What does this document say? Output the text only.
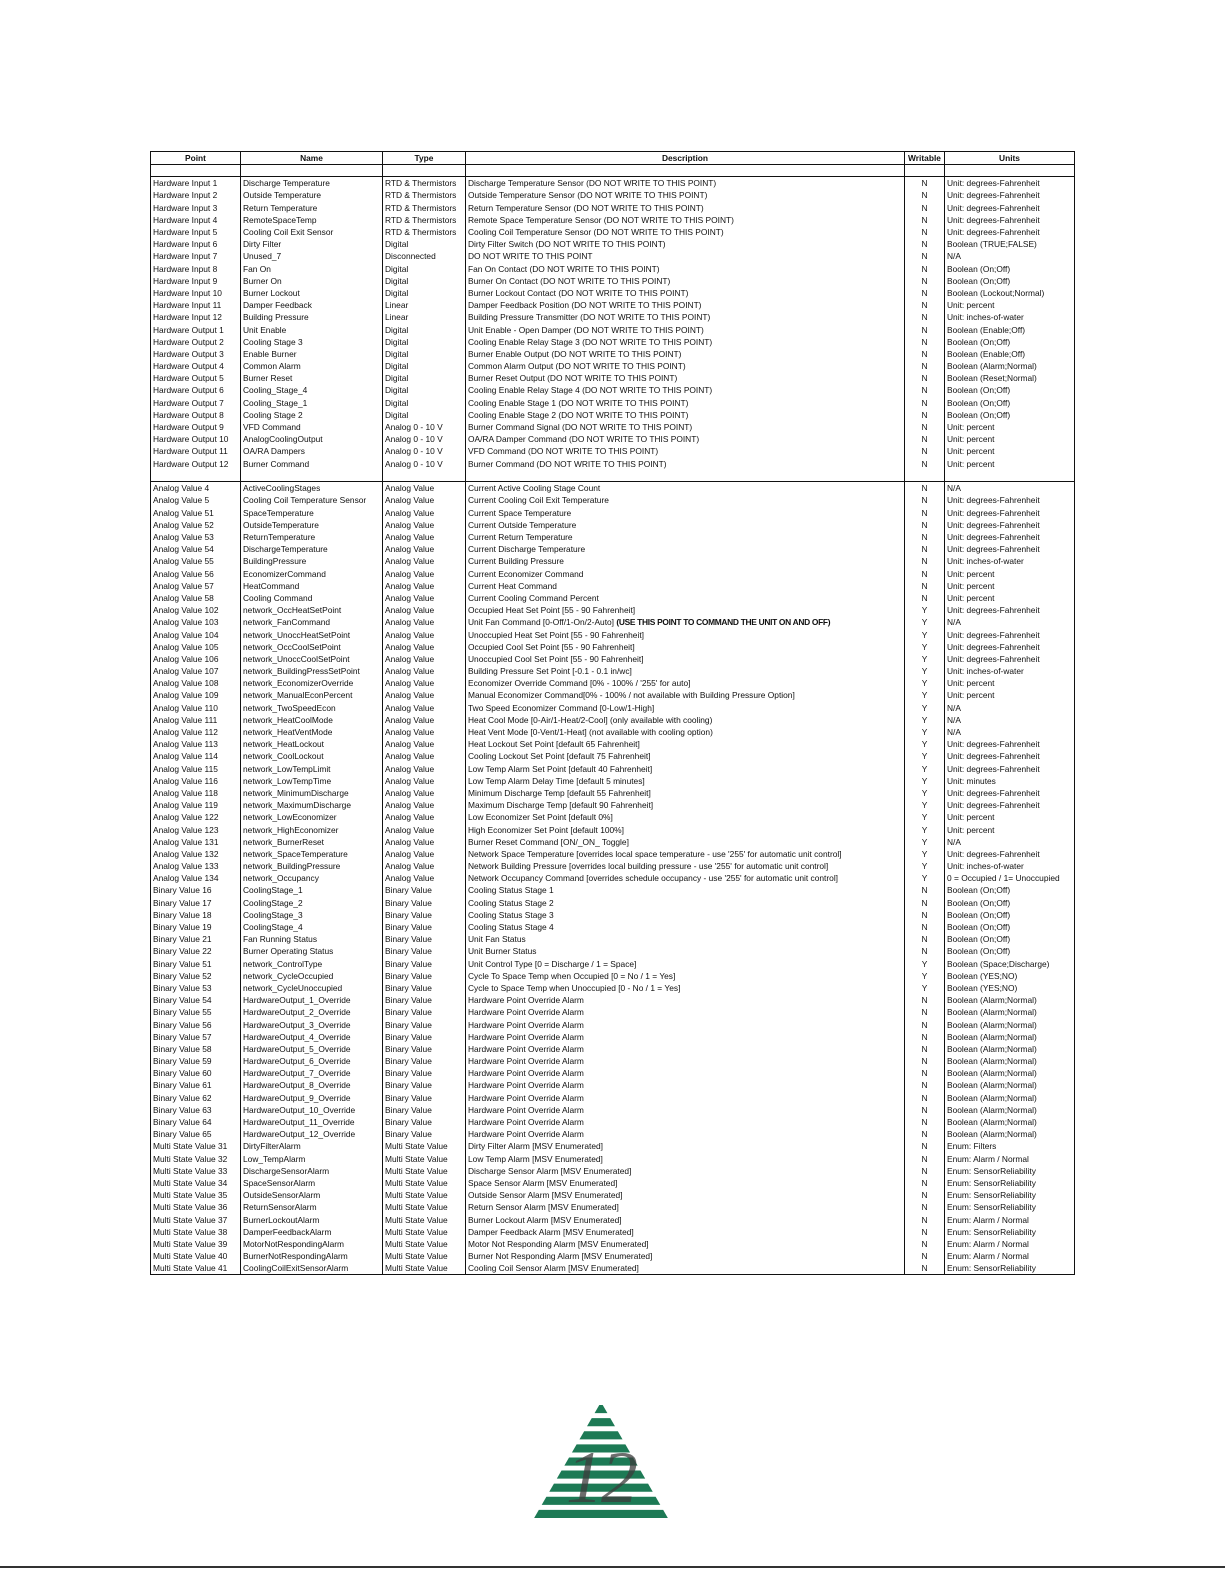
Point	Name	Type	Description	Writable	Units

Hardware Input 1	Discharge Temperature	RTD & Thermistors	Discharge Temperature Sensor (DO NOT WRITE TO THIS POINT)	N	Unit: degrees-Fahrenheit
Hardware Input 2	Outside Temperature	RTD & Thermistors	Outside Temperature Sensor (DO NOT WRITE TO THIS POINT)	N	Unit: degrees-Fahrenheit
Hardware Input 3	Return Temperature	RTD & Thermistors	Return Temperature Sensor (DO NOT WRITE TO THIS POINT)	N	Unit: degrees-Fahrenheit
Hardware Input 4	RemoteSpaceTemp	RTD & Thermistors	Remote Space Temperature Sensor (DO NOT WRITE TO THIS POINT)	N	Unit: degrees-Fahrenheit
Hardware Input 5	Cooling Coil Exit Sensor	RTD & Thermistors	Cooling Coil Temperature Sensor (DO NOT WRITE TO THIS POINT)	N	Unit: degrees-Fahrenheit
Hardware Input 6	Dirty Filter	Digital	Dirty Filter Switch (DO NOT WRITE TO THIS POINT)	N	Boolean (TRUE;FALSE)
Hardware Input 7	Unused_7	Disconnected	DO NOT WRITE TO THIS POINT	N	N/A
Hardware Input 8	Fan On	Digital	Fan On Contact (DO NOT WRITE TO THIS POINT)	N	Boolean (On;Off)
Hardware Input 9	Burner On	Digital	Burner On Contact (DO NOT WRITE TO THIS POINT)	N	Boolean (On;Off)
Hardware Input 10	Burner Lockout	Digital	Burner Lockout Contact (DO NOT WRITE TO THIS POINT)	N	Boolean (Lockout;Normal)
Hardware Input 11	Damper Feedback	Linear	Damper Feedback Position (DO NOT WRITE TO THIS POINT)	N	Unit: percent
Hardware Input 12	Building Pressure	Linear	Building Pressure Transmitter (DO NOT WRITE TO THIS POINT)	N	Unit: inches-of-water
Hardware Output 1	Unit Enable	Digital	Unit Enable - Open Damper (DO NOT WRITE TO THIS POINT)	N	Boolean (Enable;Off)
Hardware Output 2	Cooling Stage 3	Digital	Cooling Enable Relay Stage 3 (DO NOT WRITE TO THIS POINT)	N	Boolean (On;Off)
Hardware Output 3	Enable Burner	Digital	Burner Enable Output (DO NOT WRITE TO THIS POINT)	N	Boolean (Enable;Off)
Hardware Output 4	Common Alarm	Digital	Common Alarm Output (DO NOT WRITE TO THIS POINT)	N	Boolean (Alarm;Normal)
Hardware Output 5	Burner Reset	Digital	Burner Reset Output (DO NOT WRITE TO THIS POINT)	N	Boolean (Reset;Normal)
Hardware Output 6	Cooling_Stage_4	Digital	Cooling Enable Relay Stage 4 (DO NOT WRITE TO THIS POINT)	N	Boolean (On;Off)
Hardware Output 7	Cooling_Stage_1	Digital	Cooling Enable Stage 1 (DO NOT WRITE TO THIS POINT)	N	Boolean (On;Off)
Hardware Output 8	Cooling Stage 2	Digital	Cooling Enable Stage 2 (DO NOT WRITE TO THIS POINT)	N	Boolean (On;Off)
Hardware Output 9	VFD Command	Analog 0 - 10 V	Burner Command Signal (DO NOT WRITE TO THIS POINT)	N	Unit: percent
Hardware Output 10	AnalogCoolingOutput	Analog 0 - 10 V	OA/RA Damper Command (DO NOT WRITE TO THIS POINT)	N	Unit: percent
Hardware Output 11	OA/RA Dampers	Analog 0 - 10 V	VFD Command (DO NOT WRITE TO THIS POINT)	N	Unit: percent
Hardware Output 12	Burner Command	Analog 0 - 10 V	Burner Command (DO NOT WRITE TO THIS POINT)	N	Unit: percent

Analog Value 4	ActiveCoolingStages	Analog Value	Current Active Cooling Stage Count	N	N/A
Analog Value 5	Cooling Coil Temperature Sensor	Analog Value	Current Cooling Coil Exit Temperature	N	Unit: degrees-Fahrenheit
Analog Value 51	SpaceTemperature	Analog Value	Current Space Temperature	N	Unit: degrees-Fahrenheit
Analog Value 52	OutsideTemperature	Analog Value	Current Outside Temperature	N	Unit: degrees-Fahrenheit
Analog Value 53	ReturnTemperature	Analog Value	Current Return Temperature	N	Unit: degrees-Fahrenheit
Analog Value 54	DischargeTemperature	Analog Value	Current Discharge Temperature	N	Unit: degrees-Fahrenheit
Analog Value 55	BuildingPressure	Analog Value	Current Building Pressure	N	Unit: inches-of-water
Analog Value 56	EconomizerCommand	Analog Value	Current Economizer Command	N	Unit: percent
Analog Value 57	HeatCommand	Analog Value	Current Heat Command	N	Unit: percent
Analog Value 58	Cooling Command	Analog Value	Current Cooling Command Percent	N	Unit: percent
Analog Value 102	network_OccHeatSetPoint	Analog Value	Occupied Heat Set Point [55 - 90 Fahrenheit]	Y	Unit: degrees-Fahrenheit
Analog Value 103	network_FanCommand	Analog Value	Unit Fan Command [0-Off/1-On/2-Auto] (USE THIS POINT TO COMMAND THE UNIT ON AND OFF)	Y	N/A
Analog Value 104	network_UnoccHeatSetPoint	Analog Value	Unoccupied Heat Set Point [55 - 90 Fahrenheit]	Y	Unit: degrees-Fahrenheit
Analog Value 105	network_OccCoolSetPoint	Analog Value	Occupied Cool Set Point [55 - 90 Fahrenheit]	Y	Unit: degrees-Fahrenheit
Analog Value 106	network_UnoccCoolSetPoint	Analog Value	Unoccupied Cool Set Point [55 - 90 Fahrenheit]	Y	Unit: degrees-Fahrenheit
Analog Value 107	network_BuildingPressSetPoint	Analog Value	Building Pressure Set Point [-0.1 - 0.1 in/wc]	Y	Unit: inches-of-water
Analog Value 108	network_EconomizerOverride	Analog Value	Economizer Override Command [0% - 100% / '255' for auto]	Y	Unit: percent
Analog Value 109	network_ManualEconPercent	Analog Value	Manual Economizer Command[0% - 100% / not available with Building Pressure Option]	Y	Unit: percent
Analog Value 110	network_TwoSpeedEcon	Analog Value	Two Speed Economizer Command [0-Low/1-High]	Y	N/A
Analog Value 111	network_HeatCoolMode	Analog Value	Heat Cool Mode [0-Air/1-Heat/2-Cool] (only available with cooling)	Y	N/A
Analog Value 112	network_HeatVentMode	Analog Value	Heat Vent Mode [0-Vent/1-Heat] (not available with cooling option)	Y	N/A
Analog Value 113	network_HeatLockout	Analog Value	Heat Lockout Set Point [default 65 Fahrenheit]	Y	Unit: degrees-Fahrenheit
Analog Value 114	network_CoolLockout	Analog Value	Cooling Lockout Set Point [default 75 Fahrenheit]	Y	Unit: degrees-Fahrenheit
Analog Value 115	network_LowTempLimit	Analog Value	Low Temp Alarm Set Point [default 40 Fahrenheit]	Y	Unit: degrees-Fahrenheit
Analog Value 116	network_LowTempTime	Analog Value	Low Temp Alarm Delay Time [default 5 minutes]	Y	Unit: minutes
Analog Value 118	network_MinimumDischarge	Analog Value	Minimum Discharge Temp [default 55 Fahrenheit]	Y	Unit: degrees-Fahrenheit
Analog Value 119	network_MaximumDischarge	Analog Value	Maximum Discharge Temp [default 90 Fahrenheit]	Y	Unit: degrees-Fahrenheit
Analog Value 122	network_LowEconomizer	Analog Value	Low Economizer Set Point [default 0%]	Y	Unit: percent
Analog Value 123	network_HighEconomizer	Analog Value	High Economizer Set Point [default 100%]	Y	Unit: percent
Analog Value 131	network_BurnerReset	Analog Value	Burner Reset Command [ON/_ON_ Toggle]	Y	N/A
Analog Value 132	network_SpaceTemperature	Analog Value	Network Space Temperature [overrides local space temperature - use '255' for automatic unit control]	Y	Unit: degrees-Fahrenheit
Analog Value 133	network_BuildingPressure	Analog Value	Network Building Pressure [overrides local building pressure - use '255' for automatic unit control]	Y	Unit: inches-of-water
Analog Value 134	network_Occupancy	Analog Value	Network Occupancy Command [overrides schedule occupancy - use '255' for automatic unit control]	Y	0 = Occupied / 1= Unoccupied
Binary Value 16	CoolingStage_1	Binary Value	Cooling Status Stage 1	N	Boolean (On;Off)
Binary Value 17	CoolingStage_2	Binary Value	Cooling Status Stage 2	N	Boolean (On;Off)
Binary Value 18	CoolingStage_3	Binary Value	Cooling Status Stage 3	N	Boolean (On;Off)
Binary Value 19	CoolingStage_4	Binary Value	Cooling Status Stage 4	N	Boolean (On;Off)
Binary Value 21	Fan Running Status	Binary Value	Unit Fan Status	N	Boolean (On;Off)
Binary Value 22	Burner Operating Status	Binary Value	Unit Burner Status	N	Boolean (On;Off)
Binary Value 51	network_ControlType	Binary Value	Unit Control Type [0 = Discharge / 1 = Space]	Y	Boolean (Space;Discharge)
Binary Value 52	network_CycleOccupied	Binary Value	Cycle To Space Temp when Occupied [0 = No / 1 = Yes]	Y	Boolean (YES;NO)
Binary Value 53	network_CycleUnoccupied	Binary Value	Cycle to Space Temp when Unoccupied [0 - No / 1 = Yes]	Y	Boolean (YES;NO)
Binary Value 54	HardwareOutput_1_Override	Binary Value	Hardware Point Override Alarm	N	Boolean (Alarm;Normal)
Binary Value 55	HardwareOutput_2_Override	Binary Value	Hardware Point Override Alarm	N	Boolean (Alarm;Normal)
Binary Value 56	HardwareOutput_3_Override	Binary Value	Hardware Point Override Alarm	N	Boolean (Alarm;Normal)
Binary Value 57	HardwareOutput_4_Override	Binary Value	Hardware Point Override Alarm	N	Boolean (Alarm;Normal)
Binary Value 58	HardwareOutput_5_Override	Binary Value	Hardware Point Override Alarm	N	Boolean (Alarm;Normal)
Binary Value 59	HardwareOutput_6_Override	Binary Value	Hardware Point Override Alarm	N	Boolean (Alarm;Normal)
Binary Value 60	HardwareOutput_7_Override	Binary Value	Hardware Point Override Alarm	N	Boolean (Alarm;Normal)
Binary Value 61	HardwareOutput_8_Override	Binary Value	Hardware Point Override Alarm	N	Boolean (Alarm;Normal)
Binary Value 62	HardwareOutput_9_Override	Binary Value	Hardware Point Override Alarm	N	Boolean (Alarm;Normal)
Binary Value 63	HardwareOutput_10_Override	Binary Value	Hardware Point Override Alarm	N	Boolean (Alarm;Normal)
Binary Value 64	HardwareOutput_11_Override	Binary Value	Hardware Point Override Alarm	N	Boolean (Alarm;Normal)
Binary Value 65	HardwareOutput_12_Override	Binary Value	Hardware Point Override Alarm	N	Boolean (Alarm;Normal)
Multi State Value 31	DirtyFilterAlarm	Multi State Value	Dirty Filter Alarm [MSV Enumerated]	N	Enum: Filters
Multi State Value 32	Low_TempAlarm	Multi State Value	Low Temp Alarm [MSV Enumerated]	N	Enum: Alarm / Normal
Multi State Value 33	DischargeSensorAlarm	Multi State Value	Discharge Sensor Alarm [MSV Enumerated]	N	Enum: SensorReliability
Multi State Value 34	SpaceSensorAlarm	Multi State Value	Space Sensor Alarm [MSV Enumerated]	N	Enum: SensorReliability
Multi State Value 35	OutsideSensorAlarm	Multi State Value	Outside Sensor Alarm [MSV Enumerated]	N	Enum: SensorReliability
Multi State Value 36	ReturnSensorAlarm	Multi State Value	Return Sensor Alarm [MSV Enumerated]	N	Enum: SensorReliability
Multi State Value 37	BurnerLockoutAlarm	Multi State Value	Burner Lockout Alarm [MSV Enumerated]	N	Enum: Alarm / Normal
Multi State Value 38	DamperFeedbackAlarm	Multi State Value	Damper Feedback Alarm [MSV Enumerated]	N	Enum: SensorReliability
Multi State Value 39	MotorNotRespondingAlarm	Multi State Value	Motor Not Responding Alarm [MSV Enumerated]	N	Enum: Alarm / Normal
Multi State Value 40	BurnerNotRespondingAlarm	Multi State Value	Burner Not Responding Alarm [MSV Enumerated]	N	Enum: Alarm / Normal
Multi State Value 41	CoolingCoilExitSensorAlarm	Multi State Value	Cooling Coil Sensor Alarm [MSV Enumerated]	N	Enum: SensorReliability
12
